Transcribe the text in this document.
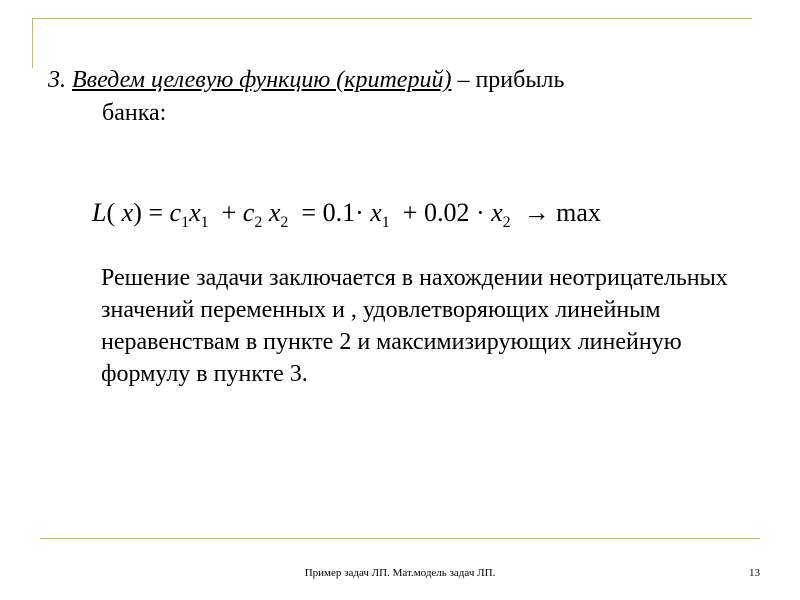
3. Введем целевую функцию (критерий) – прибыль
банка:
L( $x) = c_1x_1 + c_2$ $x_2 = 0.1\cdot x_1 + 0.02 \cdot x_2 \to \max$
Решение задачи заключается в нахождении неотрицательных значений переменных и , удовлетворяющих линейным неравенствам в пункте 2 и максимизирующих линейную формулу в пункте 3.
Пример задач ЛП. Мат.модель задач ЛП.	13
